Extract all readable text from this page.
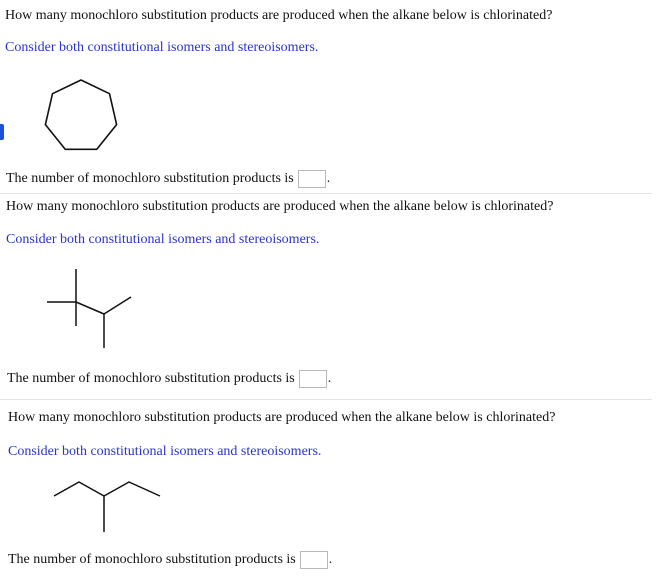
How many monochloro substitution products are produced when the alkane below is chlorinated?
Consider both constitutional isomers and stereoisomers.
The number of monochloro substitution products is .
How many monochloro substitution products are produced when the alkane below is chlorinated?
Consider both constitutional isomers and stereoisomers.
The number of monochloro substitution products is .
How many monochloro substitution products are produced when the alkane below is chlorinated?
Consider both constitutional isomers and stereoisomers.
The number of monochloro substitution products is .
